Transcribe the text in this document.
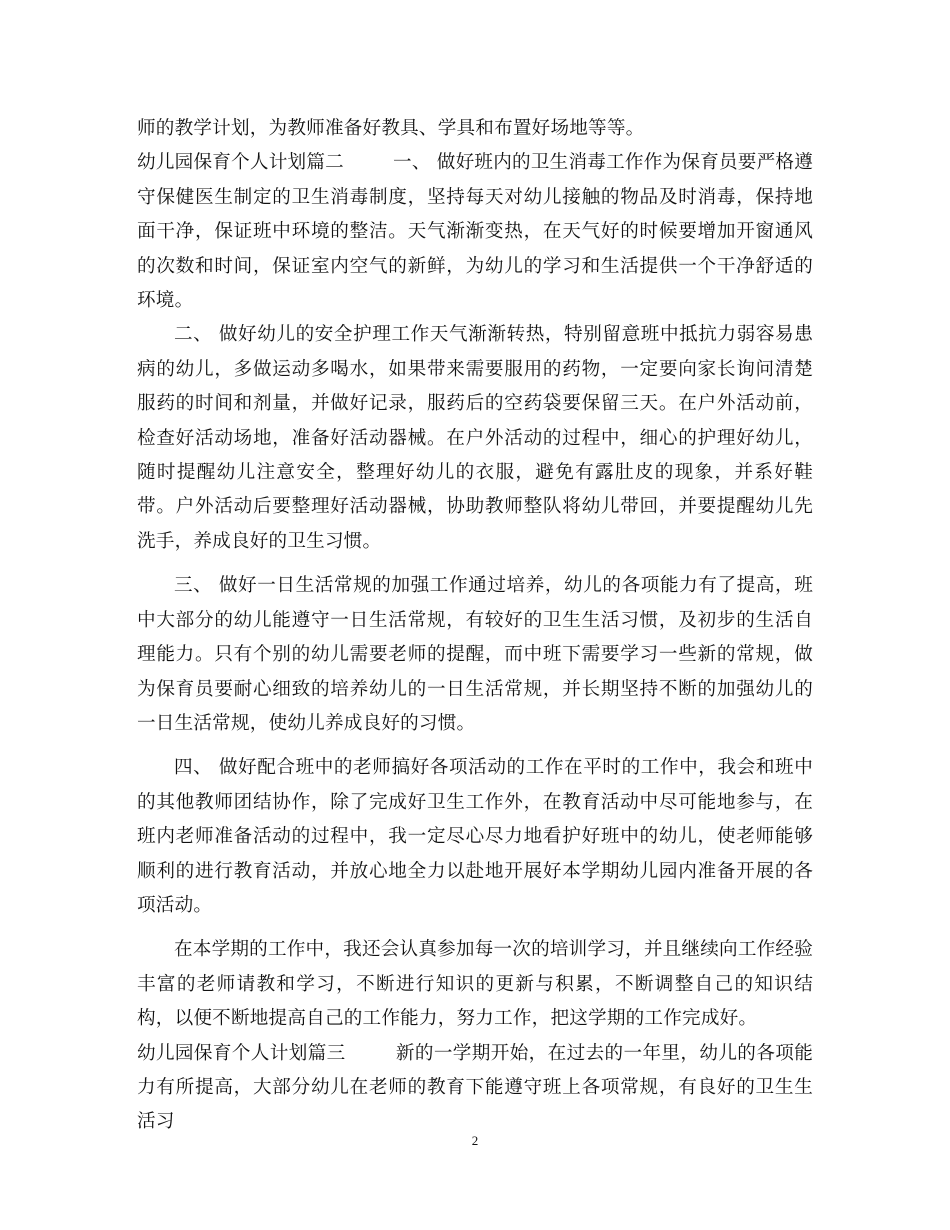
师的教学计划，为教师准备好教具、学具和布置好场地等等。

幼儿园保育个人计划篇二	一、 做好班内的卫生消毒工作作为保育员要严格遵守保健医生制定的卫生消毒制度，坚持每天对幼儿接触的物品及时消毒，保持地面干净，保证班中环境的整洁。天气渐渐变热，在天气好的时候要增加开窗通风的次数和时间，保证室内空气的新鲜，为幼儿的学习和生活提供一个干净舒适的环境。

二、 做好幼儿的安全护理工作天气渐渐转热，特别留意班中抵抗力弱容易患病的幼儿，多做运动多喝水，如果带来需要服用的药物，一定要向家长询问清楚服药的时间和剂量，并做好记录，服药后的空药袋要保留三天。在户外活动前，检查好活动场地，准备好活动器械。在户外活动的过程中，细心的护理好幼儿，随时提醒幼儿注意安全，整理好幼儿的衣服，避免有露肚皮的现象，并系好鞋带。户外活动后要整理好活动器械，协助教师整队将幼儿带回，并要提醒幼儿先洗手，养成良好的卫生习惯。

三、 做好一日生活常规的加强工作通过培养，幼儿的各项能力有了提高，班中大部分的幼儿能遵守一日生活常规，有较好的卫生生活习惯，及初步的生活自理能力。只有个别的幼儿需要老师的提醒，而中班下需要学习一些新的常规，做为保育员要耐心细致的培养幼儿的一日生活常规，并长期坚持不断的加强幼儿的一日生活常规，使幼儿养成良好的习惯。

四、 做好配合班中的老师搞好各项活动的工作在平时的工作中，我会和班中的其他教师团结协作，除了完成好卫生工作外，在教育活动中尽可能地参与，在班内老师准备活动的过程中，我一定尽心尽力地看护好班中的幼儿，使老师能够顺利的进行教育活动，并放心地全力以赴地开展好本学期幼儿园内准备开展的各项活动。

在本学期的工作中，我还会认真参加每一次的培训学习，并且继续向工作经验丰富的老师请教和学习，不断进行知识的更新与积累，不断调整自己的知识结构，以便不断地提高自己的工作能力，努力工作，把这学期的工作完成好。

幼儿园保育个人计划篇三	新的一学期开始，在过去的一年里，幼儿的各项能力有所提高，大部分幼儿在老师的教育下能遵守班上各项常规，有良好的卫生生活习

2
